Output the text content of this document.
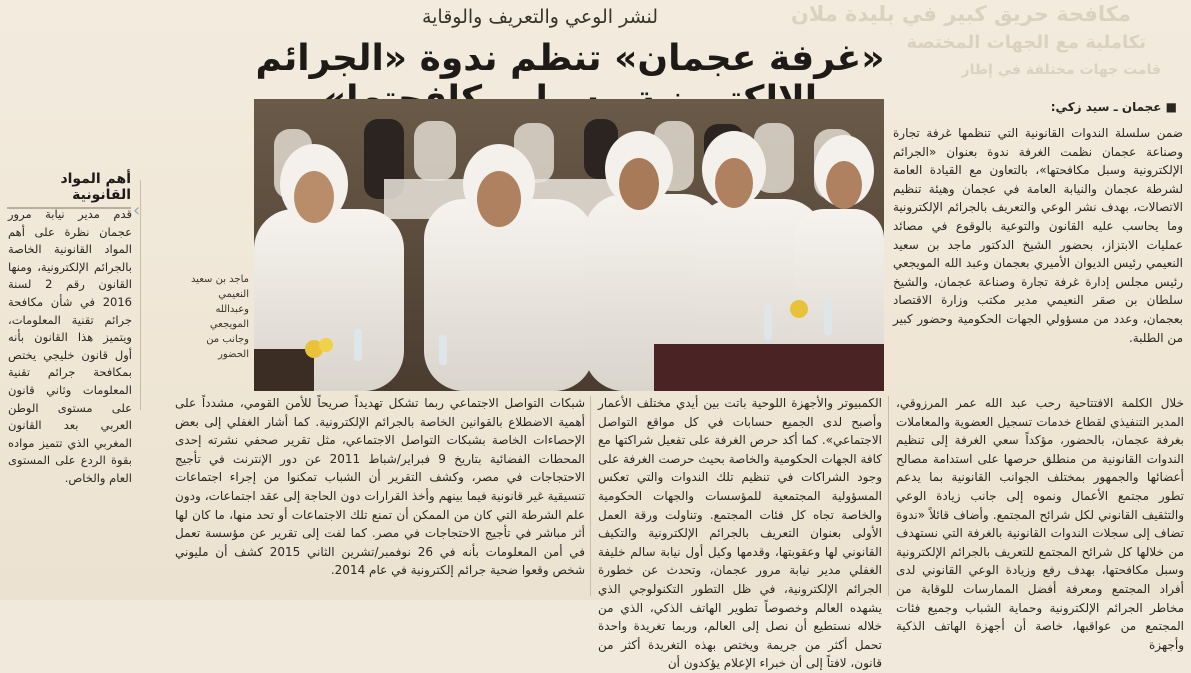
مكافحة حريق كبير في بليدة ملان
تكاملية مع الجهات المختصة
قامت جهات مختلفة في إطار
لنشر الوعي والتعريف والوقاية
«غرفة عجمان» تنظم ندوة «الجرائم
ماجد بن سعيد النعيمي وعبدالله المويجعي وجانب من الحضور
■ عجمان ـ سيد زكي:
ضمن سلسلة الندوات القانونية التي تنظمها غرفة تجارة وصناعة عجمان نظمت الغرفة ندوة بعنوان «الجرائم الإلكترونية وسبل مكافحتها»، بالتعاون مع القيادة العامة لشرطة عجمان والنيابة العامة في عجمان وهيئة تنظيم الاتصالات، بهدف نشر الوعي والتعريف بالجرائم الإلكترونية وما يحاسب عليه القانون والتوعية بالوقوع في مصائد عمليات الابتزاز، بحضور الشيخ الدكتور ماجد بن سعيد النعيمي رئيس الديوان الأميري بعجمان وعبد الله المويجعي رئيس مجلس إدارة غرفة تجارة وصناعة عجمان، والشيخ سلطان بن صقر النعيمي مدير مكتب وزارة الاقتصاد بعجمان، وعدد من مسؤولي الجهات الحكومية وحضور كبير من الطلبة.
خلال الكلمة الافتتاحية رحب عبد الله عمر المرزوقي، المدير التنفيذي لقطاع خدمات تسجيل العضوية والمعاملات بغرفة عجمان، بالحضور، مؤكداً سعي الغرفة إلى تنظيم الندوات القانونية من منطلق حرصها على استدامة مصالح أعضائها والجمهور بمختلف الجوانب القانونية بما يدعم تطور مجتمع الأعمال ونموه إلى جانب زيادة الوعي والتثقيف القانوني لكل شرائح المجتمع. وأضاف قائلاً «ندوة تضاف إلى سجلات الندوات القانونية بالغرفة التي نستهدف من خلالها كل شرائح المجتمع للتعريف بالجرائم الإلكترونية وسبل مكافحتها، بهدف رفع وزيادة الوعي القانوني لدى أفراد المجتمع ومعرفة أفضل الممارسات للوقاية من مخاطر الجرائم الإلكترونية وحماية الشباب وجميع فئات المجتمع من عواقبها، خاصة أن أجهزة الهاتف الذكية وأجهزة
الكمبيوتر والأجهزة اللوحية باتت بين أيدي مختلف الأعمار وأصبح لدى الجميع حسابات في كل مواقع التواصل الاجتماعي». كما أكد حرص الغرفة على تفعيل شراكتها مع كافة الجهات الحكومية والخاصة بحيث حرصت الغرفة على وجود الشراكات في تنظيم تلك الندوات والتي تعكس المسؤولية المجتمعية للمؤسسات والجهات الحكومية والخاصة تجاه كل فئات المجتمع. وتناولت ورقة العمل الأولى بعنوان التعريف بالجرائم الإلكترونية والتكيف القانوني لها وعقوبتها، وقدمها وكيل أول نيابة سالم خليفة الغفلي مدير نيابة مرور عجمان، وتحدث عن خطورة الجرائم الإلكترونية، في ظل التطور التكنولوجي الذي يشهده العالم وخصوصاً تطوير الهاتف الذكي، الذي من خلاله نستطيع أن نصل إلى العالم، وربما تغريدة واحدة تحمل أكثر من جريمة ويختص بهذه التغريدة أكثر من قانون، لافتاً إلى أن خبراء الإعلام يؤكدون أن
شبكات التواصل الاجتماعي ربما تشكل تهديداً صريحاً للأمن القومي، مشدداً على أهمية الاضطلاع بالقوانين الخاصة بالجرائم الإلكترونية. كما أشار الغفلي إلى بعض الإحصاءات الخاصة بشبكات التواصل الاجتماعي، مثل تقرير صحفي نشرته إحدى المحطات الفضائية بتاريخ 9 فبراير/شباط 2011 عن دور الإنترنت في تأجيج الاحتجاجات في مصر، وكشف التقرير أن الشباب تمكنوا من إجراء اجتماعات تنسيقية غير قانونية فيما بينهم وأخذ القرارات دون الحاجة إلى عقد اجتماعات، ودون علم الشرطة التي كان من الممكن أن تمنع تلك الاجتماعات أو تحد منها، ما كان لها أثر مباشر في تأجيج الاحتجاجات في مصر. كما لفت إلى تقرير عن مؤسسة تعمل في أمن المعلومات بأنه في 26 نوفمبر/تشرين الثاني 2015 كشف أن مليوني شخص وقعوا ضحية جرائم إلكترونية في عام 2014.
أهم المواد القانونية
‹
قدم مدير نيابة مرور عجمان نظرة على أهم المواد القانونية الخاصة بالجرائم الإلكترونية، ومنها القانون رقم 2 لسنة 2016 في شأن مكافحة جرائم تقنية المعلومات، ويتميز هذا القانون بأنه أول قانون خليجي يختص بمكافحة جرائم تقنية المعلومات وثاني قانون على مستوى الوطن العربي بعد القانون المغربي الذي تتميز مواده بقوة الردع على المستوى العام والخاص.
